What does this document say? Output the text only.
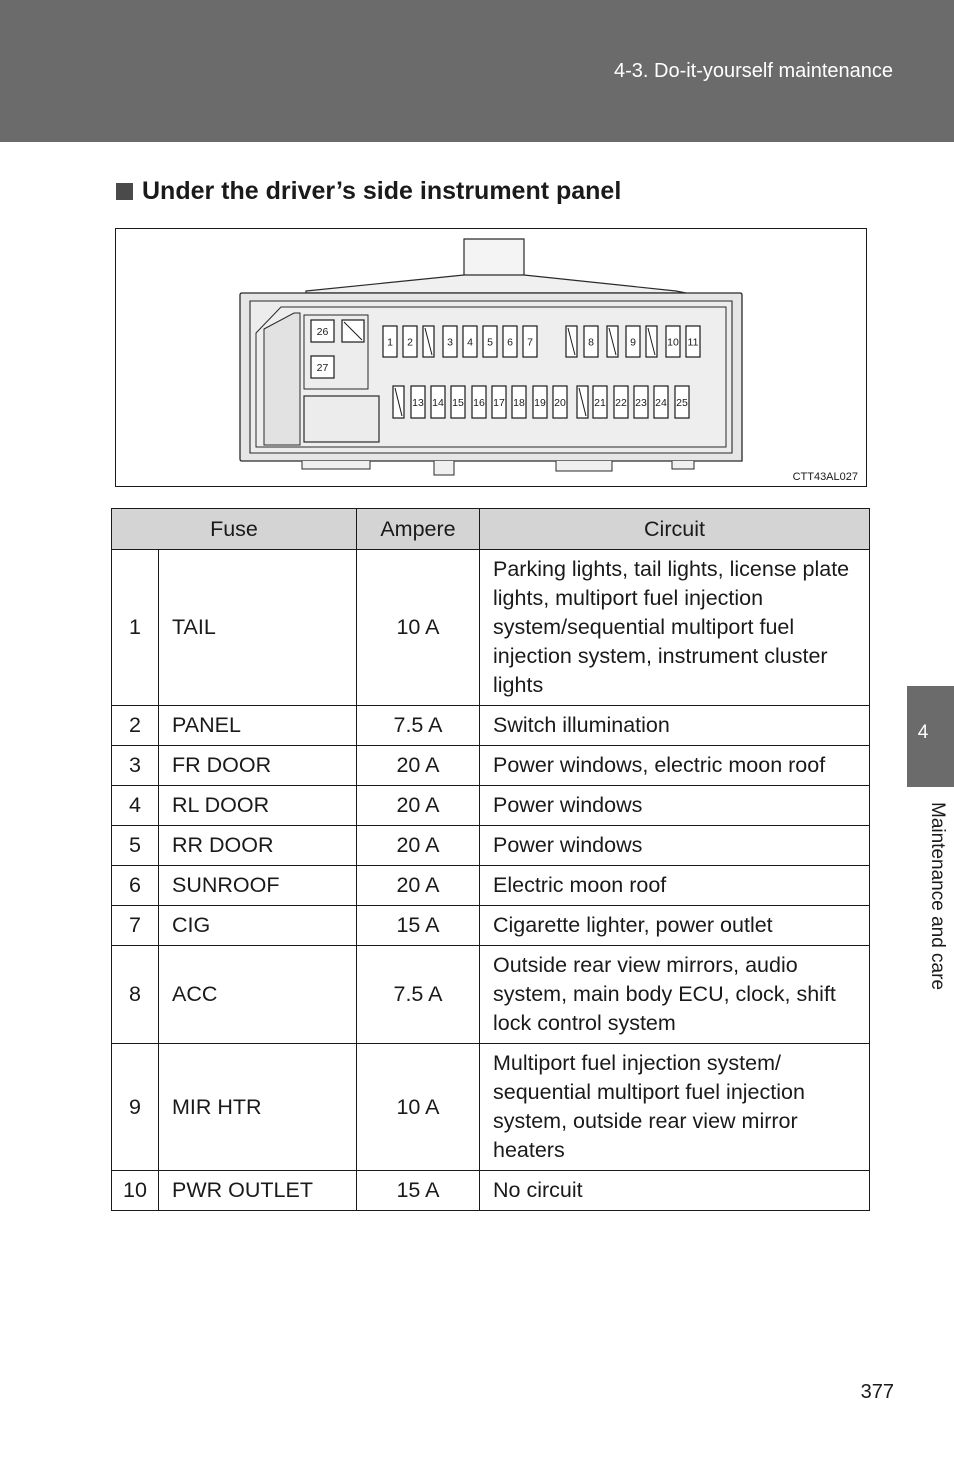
4-3. Do-it-yourself maintenance
Under the driver’s side instrument panel
1 2	3 4 5 6 7	8	9	10 11
13 14 15 16 17 18 19 20	21 22 23 24 25
26
27
CTT43AL027
Fuse		Ampere	Circuit
1	TAIL	10 A	Parking lights, tail lights, license plate lights, multiport fuel injection system/sequential multiport fuel injection system, instrument cluster lights
2	PANEL	7.5 A	Switch illumination
3	FR DOOR	20 A	Power windows, electric moon roof
4	RL DOOR	20 A	Power windows
5	RR DOOR	20 A	Power windows
6	SUNROOF	20 A	Electric moon roof
7	CIG	15 A	Cigarette lighter, power outlet
8	ACC	7.5 A	Outside rear view mirrors, audio system, main body ECU, clock, shift lock control system
9	MIR HTR	10 A	Multiport fuel injection system/ sequential multiport fuel injection system, outside rear view mirror heaters
10	PWR OUTLET	15 A	No circuit
4
Maintenance and care
377
